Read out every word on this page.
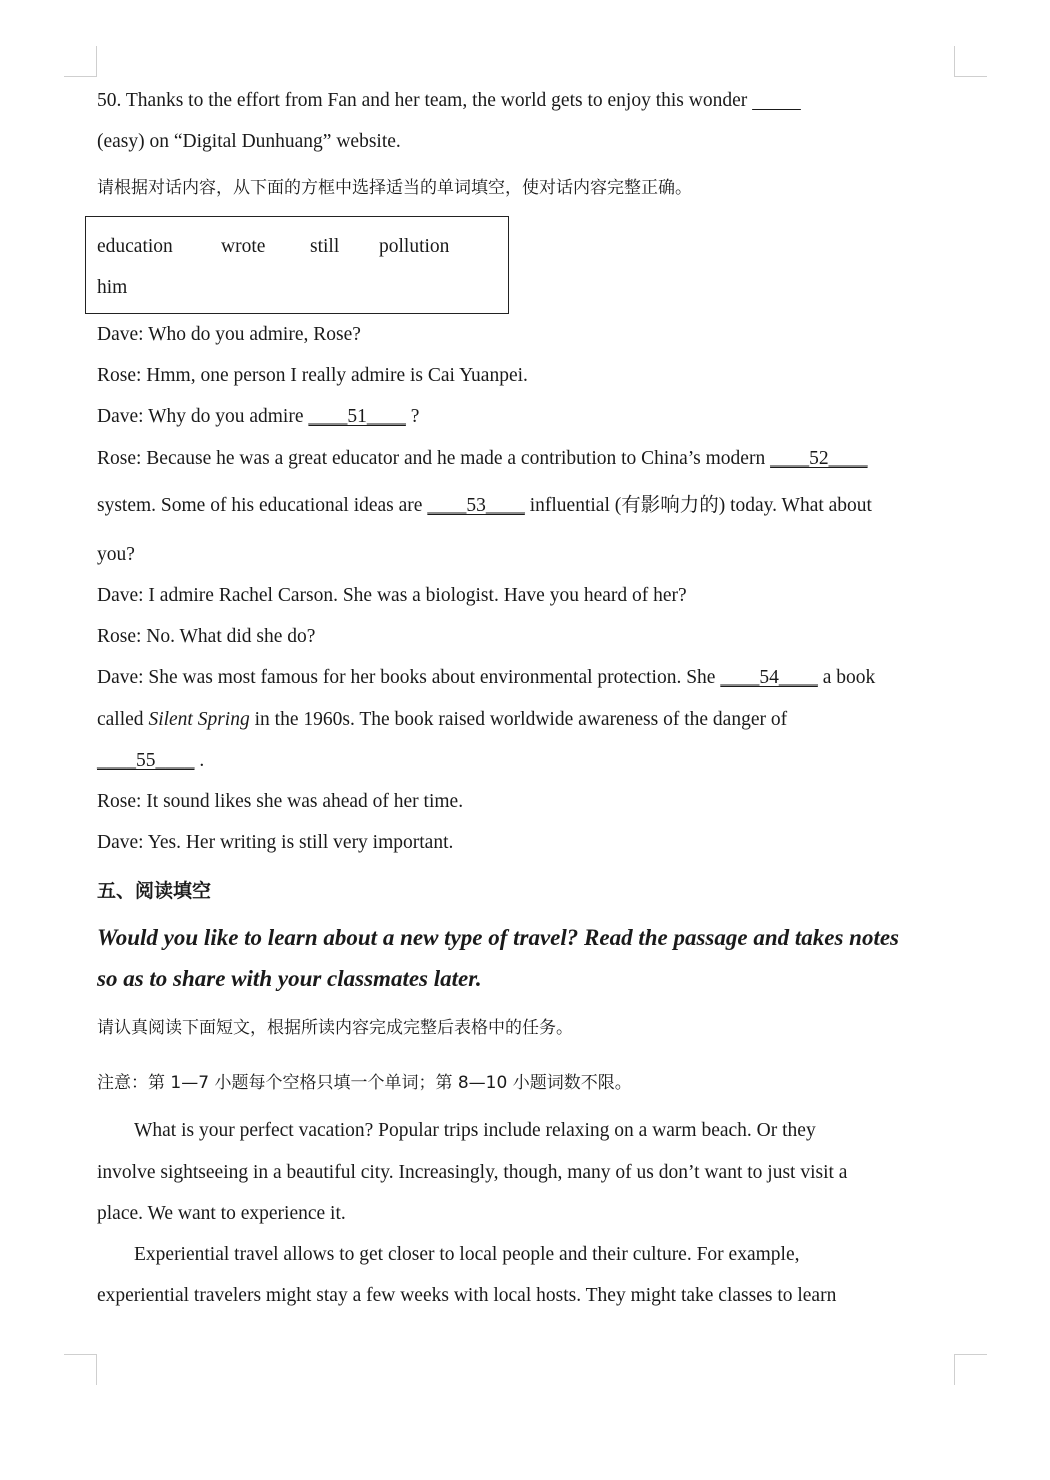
50. Thanks to the effort from Fan and her team, the world gets to enjoy this wonder
(easy) on “Digital Dunhuang” website.
请根据对话内容，从下面的方框中选择适当的单词填空，使对话内容完整正确。
education wrote still pollution
him
Dave: Who do you admire, Rose?
Rose: Hmm, one person I really admire is Cai Yuanpei.
Dave: Why do you admire ____51____ ?
Rose: Because he was a great educator and he made a contribution to China’s modern ____52____
system. Some of his educational ideas are ____53____ influential (有影响力的) today. What about
you?
Dave: I admire Rachel Carson. She was a biologist. Have you heard of her?
Rose: No. What did she do?
Dave: She was most famous for her books about environmental protection. She ____54____ a book
called Silent Spring in the 1960s. The book raised worldwide awareness of the danger of
____55____ .
Rose: It sound likes she was ahead of her time.
Dave: Yes. Her writing is still very important.
五、阅读填空
Would you like to learn about a new type of travel? Read the passage and takes notes
so as to share with your classmates later.
请认真阅读下面短文，根据所读内容完成完整后表格中的任务。
注意：第 1—7 小题每个空格只填一个单词；第 8—10 小题词数不限。
What is your perfect vacation? Popular trips include relaxing on a warm beach. Or they
involve sightseeing in a beautiful city. Increasingly, though, many of us don’t want to just visit a
place. We want to experience it.
Experiential travel allows to get closer to local people and their culture. For example,
experiential travelers might stay a few weeks with local hosts. They might take classes to learn
